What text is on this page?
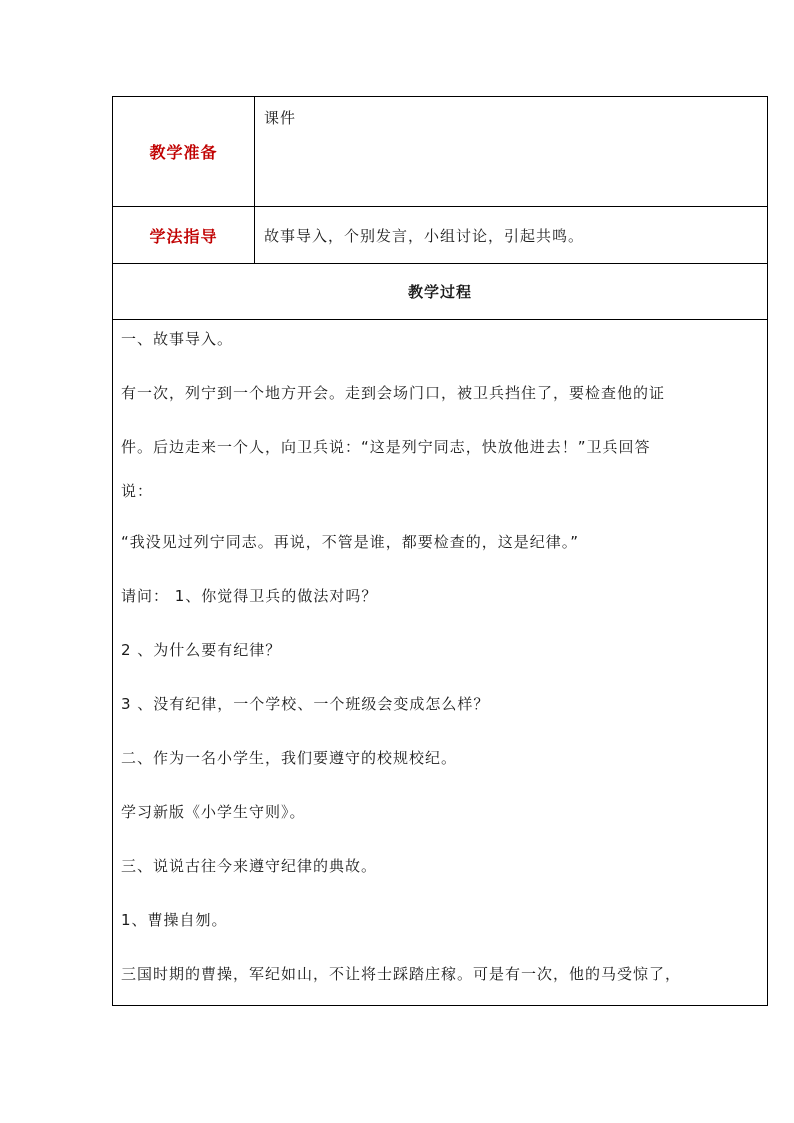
教学准备
课件
学法指导	故事导入，个别发言，小组讨论，引起共鸣。
教学过程
一、故事导入。
有一次，列宁到一个地方开会。走到会场门口，被卫兵挡住了，要检查他的证
件。后边走来一个人，向卫兵说：“这是列宁同志，快放他进去！”卫兵回答
说：
“我没见过列宁同志。再说，不管是谁，都要检查的，这是纪律。”
请问： 1、你觉得卫兵的做法对吗？
2 、为什么要有纪律？
3 、没有纪律，一个学校、一个班级会变成怎么样？
二、作为一名小学生，我们要遵守的校规校纪。
学习新版《小学生守则》。
三、说说古往今来遵守纪律的典故。
1、曹操自刎。
三国时期的曹操，军纪如山，不让将士踩踏庄稼。可是有一次，他的马受惊了，
